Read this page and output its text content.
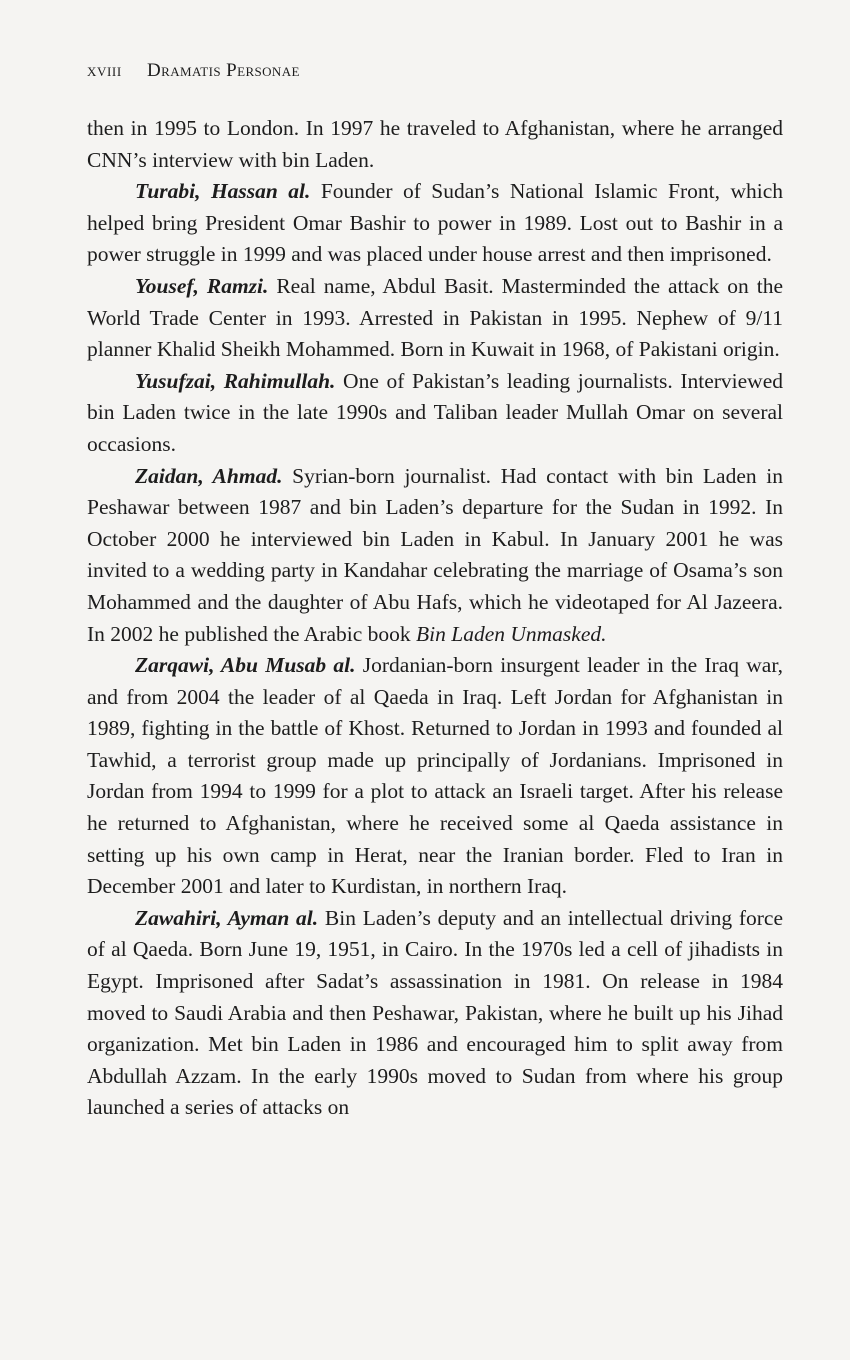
xviii	Dramatis Personae

then in 1995 to London. In 1997 he traveled to Afghanistan, where he arranged CNN’s interview with bin Laden.

Turabi, Hassan al. Founder of Sudan’s National Islamic Front, which helped bring President Omar Bashir to power in 1989. Lost out to Bashir in a power struggle in 1999 and was placed under house arrest and then imprisoned.

Yousef, Ramzi. Real name, Abdul Basit. Masterminded the attack on the World Trade Center in 1993. Arrested in Pakistan in 1995. Nephew of 9/11 planner Khalid Sheikh Mohammed. Born in Kuwait in 1968, of Pakistani origin.

Yusufzai, Rahimullah. One of Pakistan’s leading journalists. Interviewed bin Laden twice in the late 1990s and Taliban leader Mullah Omar on several occasions.

Zaidan, Ahmad. Syrian-born journalist. Had contact with bin Laden in Peshawar between 1987 and bin Laden’s departure for the Sudan in 1992. In October 2000 he interviewed bin Laden in Kabul. In January 2001 he was invited to a wedding party in Kandahar celebrating the marriage of Osama’s son Mohammed and the daughter of Abu Hafs, which he videotaped for Al Jazeera. In 2002 he published the Arabic book Bin Laden Unmasked.

Zarqawi, Abu Musab al. Jordanian-born insurgent leader in the Iraq war, and from 2004 the leader of al Qaeda in Iraq. Left Jordan for Afghanistan in 1989, fighting in the battle of Khost. Returned to Jordan in 1993 and founded al Tawhid, a terrorist group made up principally of Jordanians. Imprisoned in Jordan from 1994 to 1999 for a plot to attack an Israeli target. After his release he returned to Afghanistan, where he received some al Qaeda assistance in setting up his own camp in Herat, near the Iranian border. Fled to Iran in December 2001 and later to Kurdistan, in northern Iraq.

Zawahiri, Ayman al. Bin Laden’s deputy and an intellectual driving force of al Qaeda. Born June 19, 1951, in Cairo. In the 1970s led a cell of jihadists in Egypt. Imprisoned after Sadat’s assassination in 1981. On release in 1984 moved to Saudi Arabia and then Peshawar, Pakistan, where he built up his Jihad organization. Met bin Laden in 1986 and encouraged him to split away from Abdullah Azzam. In the early 1990s moved to Sudan from where his group launched a series of attacks on
